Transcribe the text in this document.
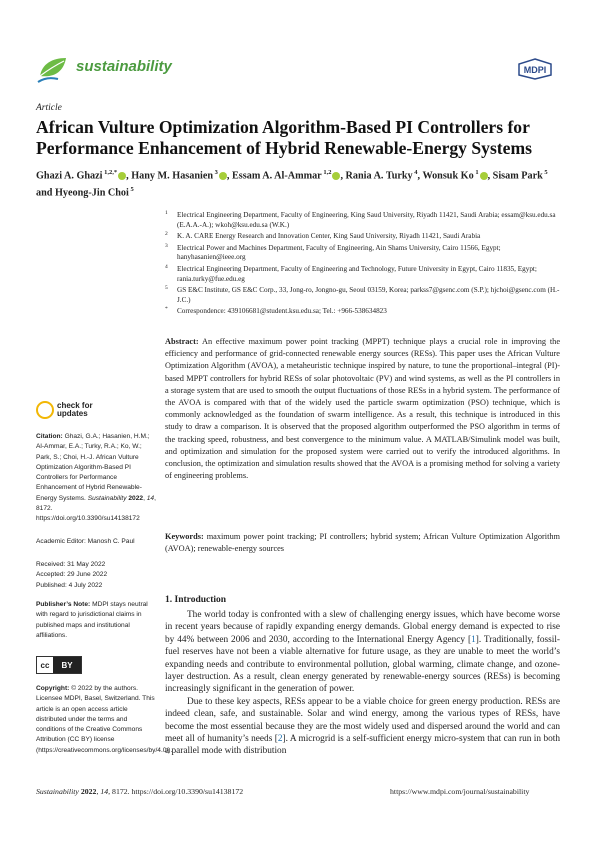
sustainability	MDPI
Article
African Vulture Optimization Algorithm-Based PI Controllers for Performance Enhancement of Hybrid Renewable-Energy Systems
Ghazi A. Ghazi $^{1,2,*}$ , Hany M. Hasanien $^3$ , Essam A. Al-Ammar $^{1,2}$ , Rania A. Turky $^4$, Wonsuk Ko $^1$ , Sisam Park $^5$ and Hyeong-Jin Choi $^5$
1 Electrical Engineering Department, Faculty of Engineering, King Saud University, Riyadh 11421, Saudi Arabia; essam@ksu.edu.sa (E.A.A.-A.); wkoh@ksu.edu.sa (W.K.)
2 K. A. CARE Energy Research and Innovation Center, King Saud University, Riyadh 11421, Saudi Arabia
3 Electrical Power and Machines Department, Faculty of Engineering, Ain Shams University, Cairo 11566, Egypt; hanyhasanien@ieee.org
4 Electrical Engineering Department, Faculty of Engineering and Technology, Future University in Egypt, Cairo 11835, Egypt; rania.turky@fue.edu.eg
5 GS E&C Institute, GS E&C Corp., 33, Jong-ro, Jongno-gu, Seoul 03159, Korea; parkss7@gsenc.com (S.P.); hjchoi@gsenc.com (H.-J.C.)
* Correspondence: 439106681@student.ksu.edu.sa; Tel.: +966-538634823
Abstract: An effective maximum power point tracking (MPPT) technique plays a crucial role in improving the efficiency and performance of grid-connected renewable energy sources (RESs). This paper uses the African Vulture Optimization Algorithm (AVOA), a metaheuristic technique inspired by nature, to tune the proportional–integral (PI)-based MPPT controllers for hybrid RESs of solar photovoltaic (PV) and wind systems, as well as the PI controllers in a storage system that are used to smooth the output fluctuations of those RESs in a hybrid system. The performance of the AVOA is compared with that of the widely used the particle swarm optimization (PSO) technique, which is commonly acknowledged as the foundation of swarm intelligence. As a result, this technique is introduced in this study to draw a comparison. It is observed that the proposed algorithm outperformed the PSO algorithm in terms of the tracking speed, robustness, and best convergence to the minimum value. A MATLAB/Simulink model was built, and optimization and simulation for the proposed system were carried out to verify the introduced algorithms. In conclusion, the optimization and simulation results showed that the AVOA is a promising method for solving a variety of engineering problems.
Keywords: maximum power point tracking; PI controllers; hybrid system; African Vulture Optimization Algorithm (AVOA); renewable-energy sources
check for
updates
Citation: Ghazi, G.A.; Hasanien, H.M.; Al-Ammar, E.A.; Turky, R.A.; Ko, W.; Park, S.; Choi, H.-J. African Vulture Optimization Algorithm-Based PI Controllers for Performance Enhancement of Hybrid Renewable-Energy Systems. Sustainability 2022, 14, 8172. https://doi.org/10.3390/su14138172
Academic Editor: Manosh C. Paul
Received: 31 May 2022
Accepted: 29 June 2022
Published: 4 July 2022
Publisher’s Note: MDPI stays neutral with regard to jurisdictional claims in published maps and institutional affiliations.
cc	BY
Copyright: © 2022 by the authors. Licensee MDPI, Basel, Switzerland. This article is an open access article distributed under the terms and conditions of the Creative Commons Attribution (CC BY) license (https://creativecommons.org/licenses/by/4.0/).
1. Introduction

The world today is confronted with a slew of challenging energy issues, which have become worse in recent years because of rapidly expanding energy demands. Global energy demand is expected to rise by 44% between 2006 and 2030, according to the International Energy Agency [1]. Traditionally, fossil-fuel reserves have not been a viable alternative for future usage, as they are unable to meet the world’s expanding needs and contribute to environmental pollution, global warming, climate change, and ozone-layer destruction. As a result, clean energy generated by renewable-energy sources (RESs) is becoming increasingly significant in the generation of power.

Due to these key aspects, RESs appear to be a viable choice for green energy production. RESs are indeed clean, safe, and sustainable. Solar and wind energy, among the various types of RESs, have become the most essential because they are the most widely used and dispersed around the world and can meet all of humanity’s needs [2]. A microgrid is a self-sufficient energy micro-system that can run in both a parallel mode with distribution

Sustainability 2022, 14, 8172. https://doi.org/10.3390/su14138172	https://www.mdpi.com/journal/sustainability
